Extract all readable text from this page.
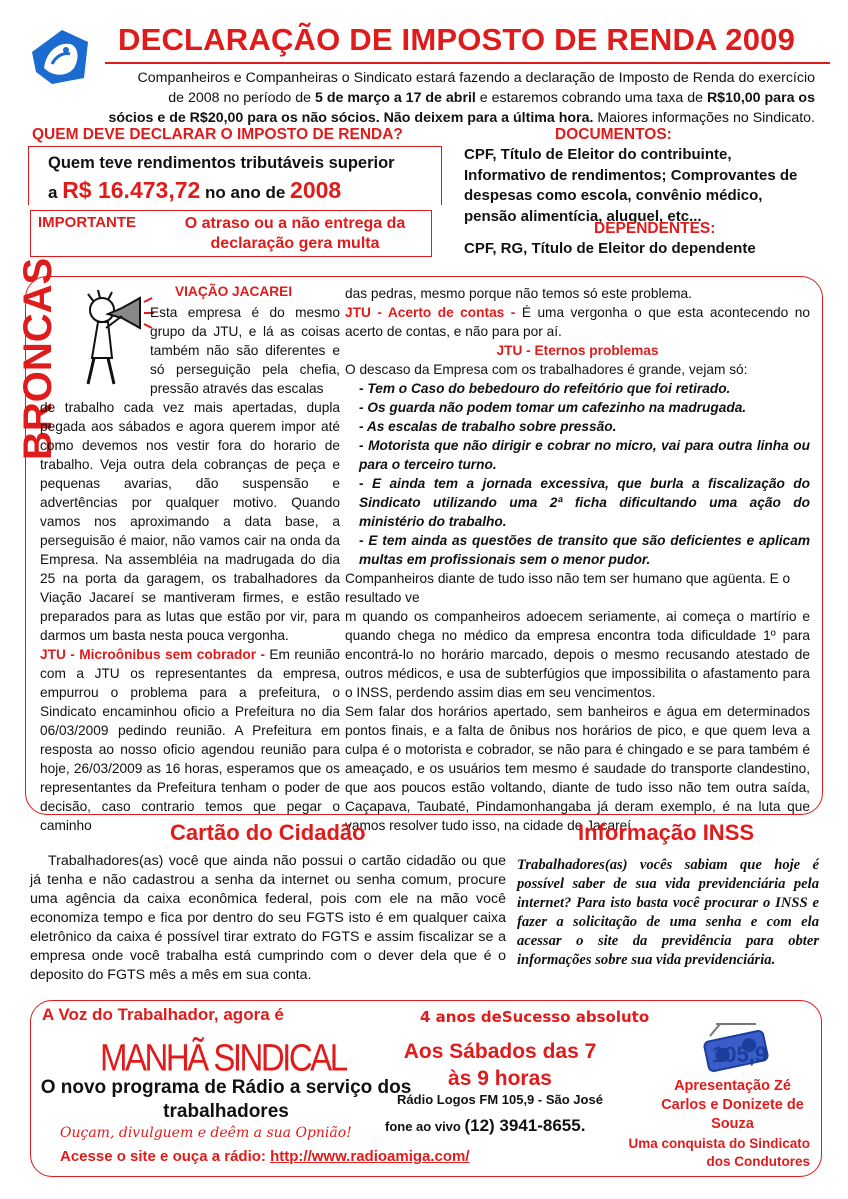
DECLARAÇÃO DE IMPOSTO DE RENDA 2009
Companheiros e Companheiras o Sindicato estará fazendo a declaração de Imposto de Renda do exercício
de 2008 no período de 5 de março a 17 de abril e estaremos cobrando uma taxa de R$10,00 para os
sócios e de R$20,00 para os não sócios. Não deixem para a última hora. Maiores informações no Sindicato.
QUEM DEVE DECLARAR O IMPOSTO DE RENDA?
Quem teve rendimentos tributáveis superior
a R$ 16.473,72 no ano de 2008
IMPORTANTE	O atraso ou a não entrega da declaração gera multa
DOCUMENTOS:
CPF, Título de Eleitor do contribuinte, Informativo de rendimentos; Comprovantes de despesas como escola, convênio médico, pensão alimentícia, aluguel, etc...
DEPENDENTES:
CPF, RG, Título de Eleitor do dependente
BRONCAS	VIAÇÃO JACAREI
Esta empresa é do mesmo grupo da JTU, e lá as coisas também não são diferentes e só perseguição pela chefia, pressão através das escalas

de trabalho cada vez mais apertadas, dupla pegada aos sábados e agora querem impor até como devemos nos vestir fora do horario de trabalho. Veja outra dela cobranças de peça e pequenas avarias, dão suspensão e advertências por qualquer motivo. Quando vamos nos aproximando a data base, a perseguisão é maior, não vamos cair na onda da Empresa. Na assembléia na madrugada do dia 25 na porta da garagem, os trabalhadores da Viação Jacareí se mantiveram firmes, e estão preparados para as lutas que estão por vir, para darmos um basta nesta pouca vergonha.

JTU - Microônibus sem cobrador - Em reunião com a JTU os representantes da empresa, empurrou o problema para a prefeitura, o Sindicato encaminhou oficio a Prefeitura no dia 06/03/2009 pedindo reunião. A Prefeitura em resposta ao nosso oficio agendou reunião para hoje, 26/03/2009 as 16 horas, esperamos que os representantes da Prefeitura tenham o poder de decisão, caso contrario temos que pegar o caminho

das pedras, mesmo porque não temos só este problema.

JTU - Acerto de contas - É uma vergonha o que esta acontecendo no acerto de contas, e não para por aí.

JTU - Eternos problemas

O descaso da Empresa com os trabalhadores é grande, vejam só:

- Tem o Caso do bebedouro do refeitório que foi retirado.
- Os guarda não podem tomar um cafezinho na madrugada.
- As escalas de trabalho sobre pressão.
- Motorista que não dirigir e cobrar no micro, vai para outra linha ou para o terceiro turno.
- E ainda tem a jornada excessiva, que burla a fiscalização do Sindicato utilizando uma 2ª ficha dificultando uma ação do ministério do trabalho.
- E tem ainda as questões de transito que são deficientes e aplicam multas em profissionais sem o menor pudor.

Companheiros diante de tudo isso não tem ser humano que agüenta. E o resultado ve

m quando os companheiros adoecem seriamente, ai começa o martírio e quando chega no médico da empresa encontra toda dificuldade 1º para encontrá-lo no horário marcado, depois o mesmo recusando atestado de outros médicos, e usa de subterfúgios que impossibilita o afastamento para o INSS, perdendo assim dias em seu vencimentos.

Sem falar dos horários apertado, sem banheiros e água em determinados pontos finais, e a falta de ônibus nos horários de pico, e que quem leva a culpa é o motorista e cobrador, se não para é chingado e se para também é ameaçado, e os usuários tem mesmo é saudade do transporte clandestino, que aos poucos estão voltando, diante de tudo isso não tem outra saída, Caçapava, Taubaté, Pindamonhangaba já deram exemplo, é na luta que vamos resolver tudo isso, na cidade de Jacareí.

Cartão do Cidadão
Trabalhadores(as) você que ainda não possui o cartão cidadão ou que já tenha e não cadastrou a senha da internet ou senha comum, procure uma agência da caixa econômica federal, pois com ele na mão você economiza tempo e fica por dentro do seu FGTS isto é em qualquer caixa eletrônico da caixa é possível tirar extrato do FGTS e assim fiscalizar se a empresa onde você trabalha está cumprindo com o dever dela que é o deposito do FGTS mês a mês em sua conta.
Informação INSS
Trabalhadores(as) vocês sabiam que hoje é possível saber de sua vida previdenciária pela internet? Para isto basta você procurar o INSS e fazer a solicitação de uma senha e com ela acessar o site da previdência para obter informações sobre sua vida previdenciária.
A Voz do Trabalhador, agora é
MANHÃ SINDICAL
O novo programa de Rádio a serviço dos trabalhadores
Ouçam, divulguem e deêm a sua Opnião!
Acesse o site e ouça a rádio: http://www.radioamiga.com/
4 anos deSucesso absoluto
Aos Sábados das 7 às 9 horas
Rádio Logos FM 105,9 - São José
fone ao vivo (12) 3941-8655.
105,9
Apresentação Zé Carlos e Donizete de Souza
Uma conquista do Sindicato dos Condutores
